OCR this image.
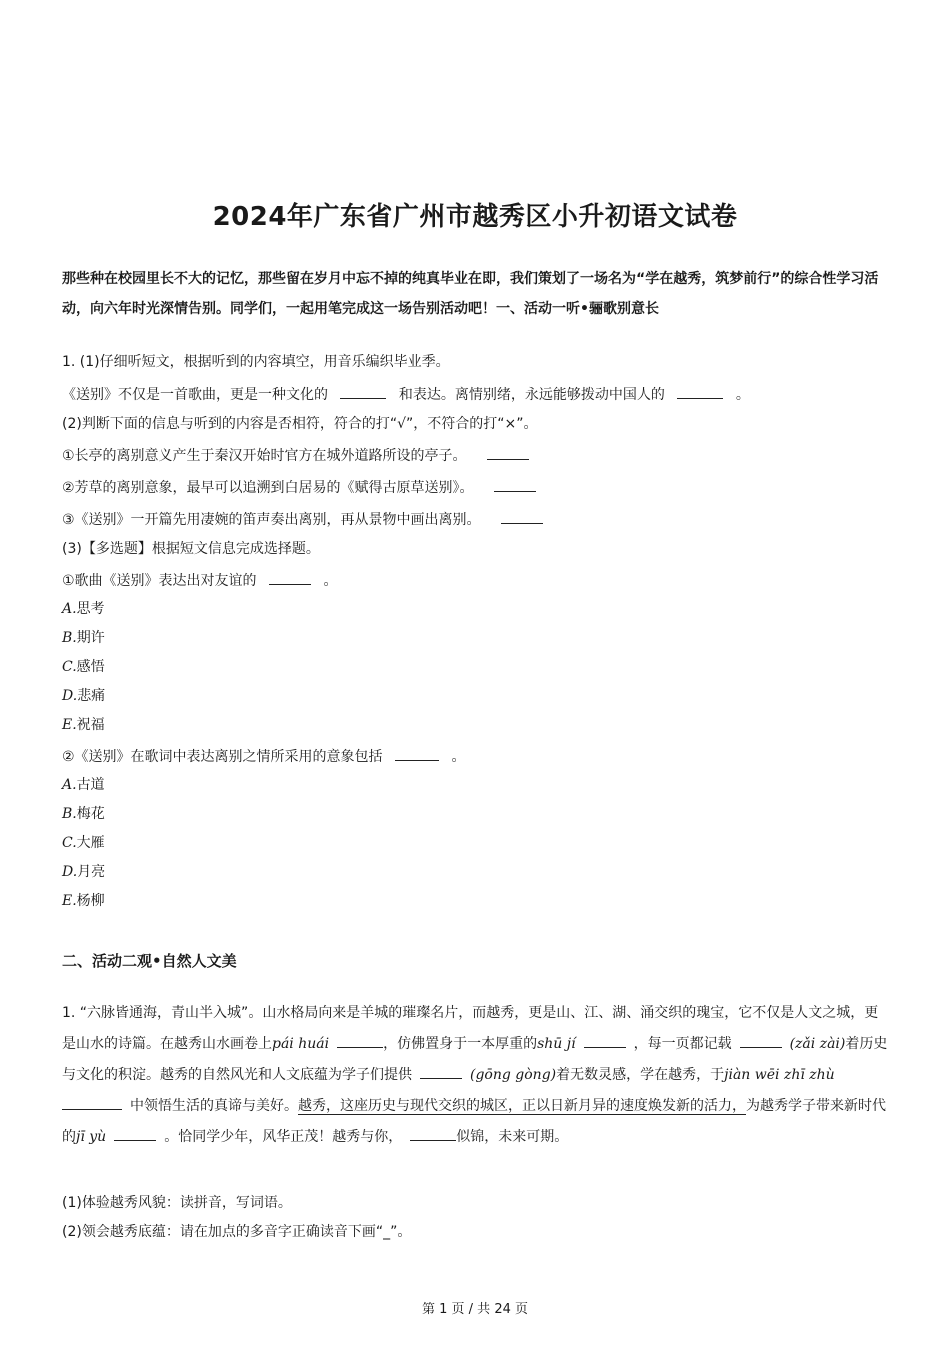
2024年广东省广州市越秀区小升初语文试卷
那些种在校园里长不大的记忆，那些留在岁月中忘不掉的纯真毕业在即，我们策划了一场名为“学在越秀，筑梦前行”的综合性学习活动，向六年时光深情告别。同学们，一起用笔完成这一场告别活动吧！一、活动一听•骊歌别意长
1. (1)仔细听短文，根据听到的内容填空，用音乐编织毕业季。
《送别》不仅是一首歌曲，更是一种文化的	和表达。离情别绪，永远能够拨动中国人的	。
(2)判断下面的信息与听到的内容是否相符，符合的打“√”，不符合的打“×”。
①长亭的离别意义产生于秦汉开始时官方在城外道路所设的亭子。
②芳草的离别意象，最早可以追溯到白居易的《赋得古原草送别》。
③《送别》一开篇先用凄婉的笛声奏出离别，再从景物中画出离别。
(3)【多选题】根据短文信息完成选择题。
①歌曲《送别》表达出对友谊的	。
A.思考
B.期许
C.感悟
D.悲痛
E.祝福
②《送别》在歌词中表达离别之情所采用的意象包括	。
A.古道
B.梅花
C.大雁
D.月亮
E.杨柳
二、活动二观•自然人文美
1. “六脉皆通海，青山半入城”。山水格局向来是羊城的璀璨名片，而越秀，更是山、江、湖、涌交织的瑰宝，它不仅是人文之城，更是山水的诗篇。在越秀山水画卷上pái huái	，仿佛置身于一本厚重的shū jí	，每一页都记载	(zǎi zài)着历史与文化的积淀。越秀的自然风光和人文底蕴为学子们提供	(gōng gòng)着无数灵感，学在越秀，于jiàn wēi zhī zhù中领悟生活的真谛与美好。越秀，这座历史与现代交织的城区，正以日新月异的速度焕发新的活力，为越秀学子带来新时代的jī yù	。恰同学少年，风华正茂！越秀与你，	似锦，未来可期。
(1)体验越秀风貌：读拼音，写词语。
(2)领会越秀底蕴：请在加点的多音字正确读音下画“_”。
第 1 页 / 共 24 页
